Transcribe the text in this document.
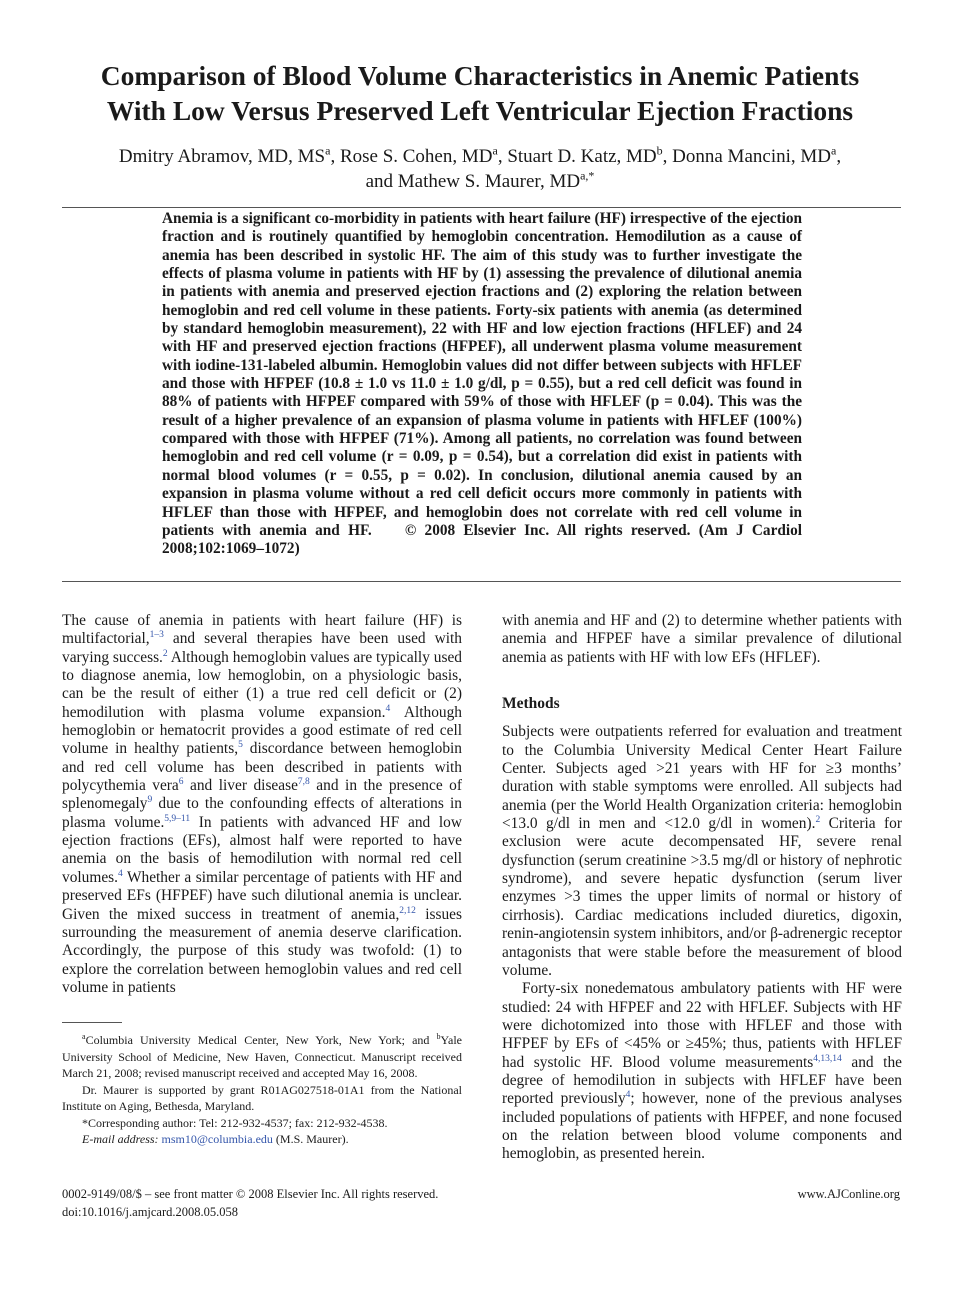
Comparison of Blood Volume Characteristics in Anemic Patients
With Low Versus Preserved Left Ventricular Ejection Fractions
Dmitry Abramov, MD, $MS^a$, Rose S. Cohen, $MD^a$, Stuart D. Katz, $MD^b$, Donna Mancini, $MD^a$,
and Mathew S. Maurer, $MD^{a,*}$
Anemia is a significant co-morbidity in patients with heart failure (HF) irrespective of the ejection fraction and is routinely quantified by hemoglobin concentration. Hemodilution as a cause of anemia has been described in systolic HF. The aim of this study was to further investigate the effects of plasma volume in patients with HF by (1) assessing the prevalence of dilutional anemia in patients with anemia and preserved ejection fractions and (2) exploring the relation between hemoglobin and red cell volume in these patients. Forty-six patients with anemia (as determined by standard hemoglobin measurement), 22 with HF and low ejection fractions (HFLEF) and 24 with HF and preserved ejection fractions (HFPEF), all underwent plasma volume measurement with iodine-131-labeled albumin. Hemoglobin values did not differ between subjects with HFLEF and those with HFPEF (10.8 ± 1.0 vs 11.0 ± 1.0 g/dl, p = 0.55), but a red cell deficit was found in 88% of patients with HFPEF compared with 59% of those with HFLEF (p = 0.04). This was the result of a higher prevalence of an expansion of plasma volume in patients with HFLEF (100%) compared with those with HFPEF (71%). Among all patients, no correlation was found between hemoglobin and red cell volume (r = 0.09, p = 0.54), but a correlation did exist in patients with normal blood volumes (r = 0.55, p = 0.02). In conclusion, dilutional anemia caused by an expansion in plasma volume without a red cell deficit occurs more commonly in patients with HFLEF than those with HFPEF, and hemoglobin does not correlate with red cell volume in patients with anemia and HF. © 2008 Elsevier Inc. All rights reserved. (Am J Cardiol 2008;102:1069–1072)

The cause of anemia in patients with heart failure (HF) is multifactorial,$^{1-3}$ and several therapies have been used with varying success.$^2$ Although hemoglobin values are typically used to diagnose anemia, low hemoglobin, on a physiologic basis, can be the result of either (1) a true red cell deficit or (2) hemodilution with plasma volume expansion.$^4$ Although hemoglobin or hematocrit provides a good estimate of red cell volume in healthy patients,$^5$ discordance between hemoglobin and red cell volume has been described in patients with polycythemia vera$^6$ and liver disease$^{7,8}$ and in the presence of splenomegaly$^9$ due to the confounding effects of alterations in plasma volume.$^{5,9-11}$ In patients with advanced HF and low ejection fractions (EFs), almost half were reported to have anemia on the basis of hemodilution with normal red cell volumes.$^4$ Whether a similar percentage of patients with HF and preserved EFs (HFPEF) have such dilutional anemia is unclear. Given the mixed success in treatment of anemia,$^{2,12}$ issues surrounding the measurement of anemia deserve clarification. Accordingly, the purpose of this study was twofold: (1) to explore the correlation between hemoglobin values and red cell volume in patients

$^a$Columbia University Medical Center, New York, New York; and $^b$Yale University School of Medicine, New Haven, Connecticut. Manuscript received March 21, 2008; revised manuscript received and accepted May 16, 2008.

Dr. Maurer is supported by grant R01AG027518-01A1 from the National Institute on Aging, Bethesda, Maryland.

*Corresponding author: Tel: 212-932-4537; fax: 212-932-4538.

E-mail address: msm10@columbia.edu (M.S. Maurer).

with anemia and HF and (2) to determine whether patients with anemia and HFPEF have a similar prevalence of dilutional anemia as patients with HF with low EFs (HFLEF).

Methods

Subjects were outpatients referred for evaluation and treatment to the Columbia University Medical Center Heart Failure Center. Subjects aged >21 years with HF for ≥3 months’ duration with stable symptoms were enrolled. All subjects had anemia (per the World Health Organization criteria: hemoglobin <13.0 g/dl in men and <12.0 g/dl in women).$^2$ Criteria for exclusion were acute decompensated HF, severe renal dysfunction (serum creatinine >3.5 mg/dl or history of nephrotic syndrome), and severe hepatic dysfunction (serum liver enzymes >3 times the upper limits of normal or history of cirrhosis). Cardiac medications included diuretics, digoxin, renin-angiotensin system inhibitors, and/or β-adrenergic receptor antagonists that were stable before the measurement of blood volume.

Forty-six nonedematous ambulatory patients with HF were studied: 24 with HFPEF and 22 with HFLEF. Subjects with HF were dichotomized into those with HFLEF and those with HFPEF by EFs of <45% or ≥45%; thus, patients with HFLEF had systolic HF. Blood volume measurements$^{4,13,14}$ and the degree of hemodilution in subjects with HFLEF have been reported previously$^4$; however, none of the previous analyses included populations of patients with HFPEF, and none focused on the relation between blood volume components and hemoglobin, as presented herein.

0002-9149/08/$ – see front matter © 2008 Elsevier Inc. All rights reserved.
doi:10.1016/j.amjcard.2008.05.058
www.AJConline.org
